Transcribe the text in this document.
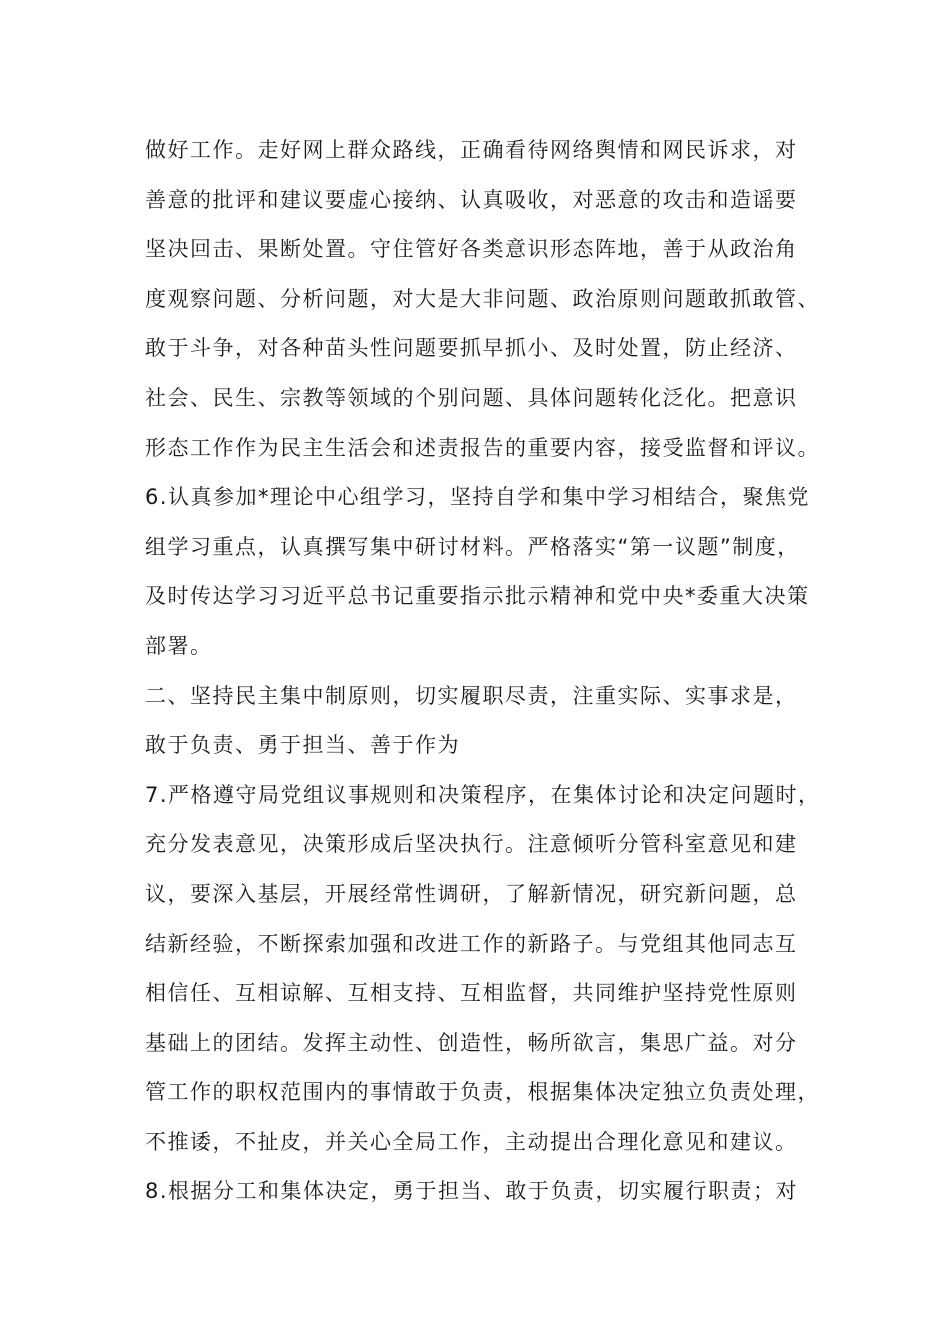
做好工作。走好网上群众路线，正确看待网络舆情和网民诉求，对
善意的批评和建议要虚心接纳、认真吸收，对恶意的攻击和造谣要
坚决回击、果断处置。守住管好各类意识形态阵地，善于从政治角
度观察问题、分析问题，对大是大非问题、政治原则问题敢抓敢管、
敢于斗争，对各种苗头性问题要抓早抓小、及时处置，防止经济、
社会、民生、宗教等领域的个别问题、具体问题转化泛化。把意识
形态工作作为民主生活会和述责报告的重要内容，接受监督和评议。
6.认真参加*理论中心组学习，坚持自学和集中学习相结合，聚焦党
组学习重点，认真撰写集中研讨材料。严格落实“第一议题”制度，
及时传达学习习近平总书记重要指示批示精神和党中央*委重大决策
部署。
二、坚持民主集中制原则，切实履职尽责，注重实际、实事求是，
敢于负责、勇于担当、善于作为
7.严格遵守局党组议事规则和决策程序，在集体讨论和决定问题时，
充分发表意见，决策形成后坚决执行。注意倾听分管科室意见和建
议，要深入基层，开展经常性调研，了解新情况，研究新问题，总
结新经验，不断探索加强和改进工作的新路子。与党组其他同志互
相信任、互相谅解、互相支持、互相监督，共同维护坚持党性原则
基础上的团结。发挥主动性、创造性，畅所欲言，集思广益。对分
管工作的职权范围内的事情敢于负责，根据集体决定独立负责处理，
不推诿，不扯皮，并关心全局工作，主动提出合理化意见和建议。
8.根据分工和集体决定，勇于担当、敢于负责，切实履行职责；对
